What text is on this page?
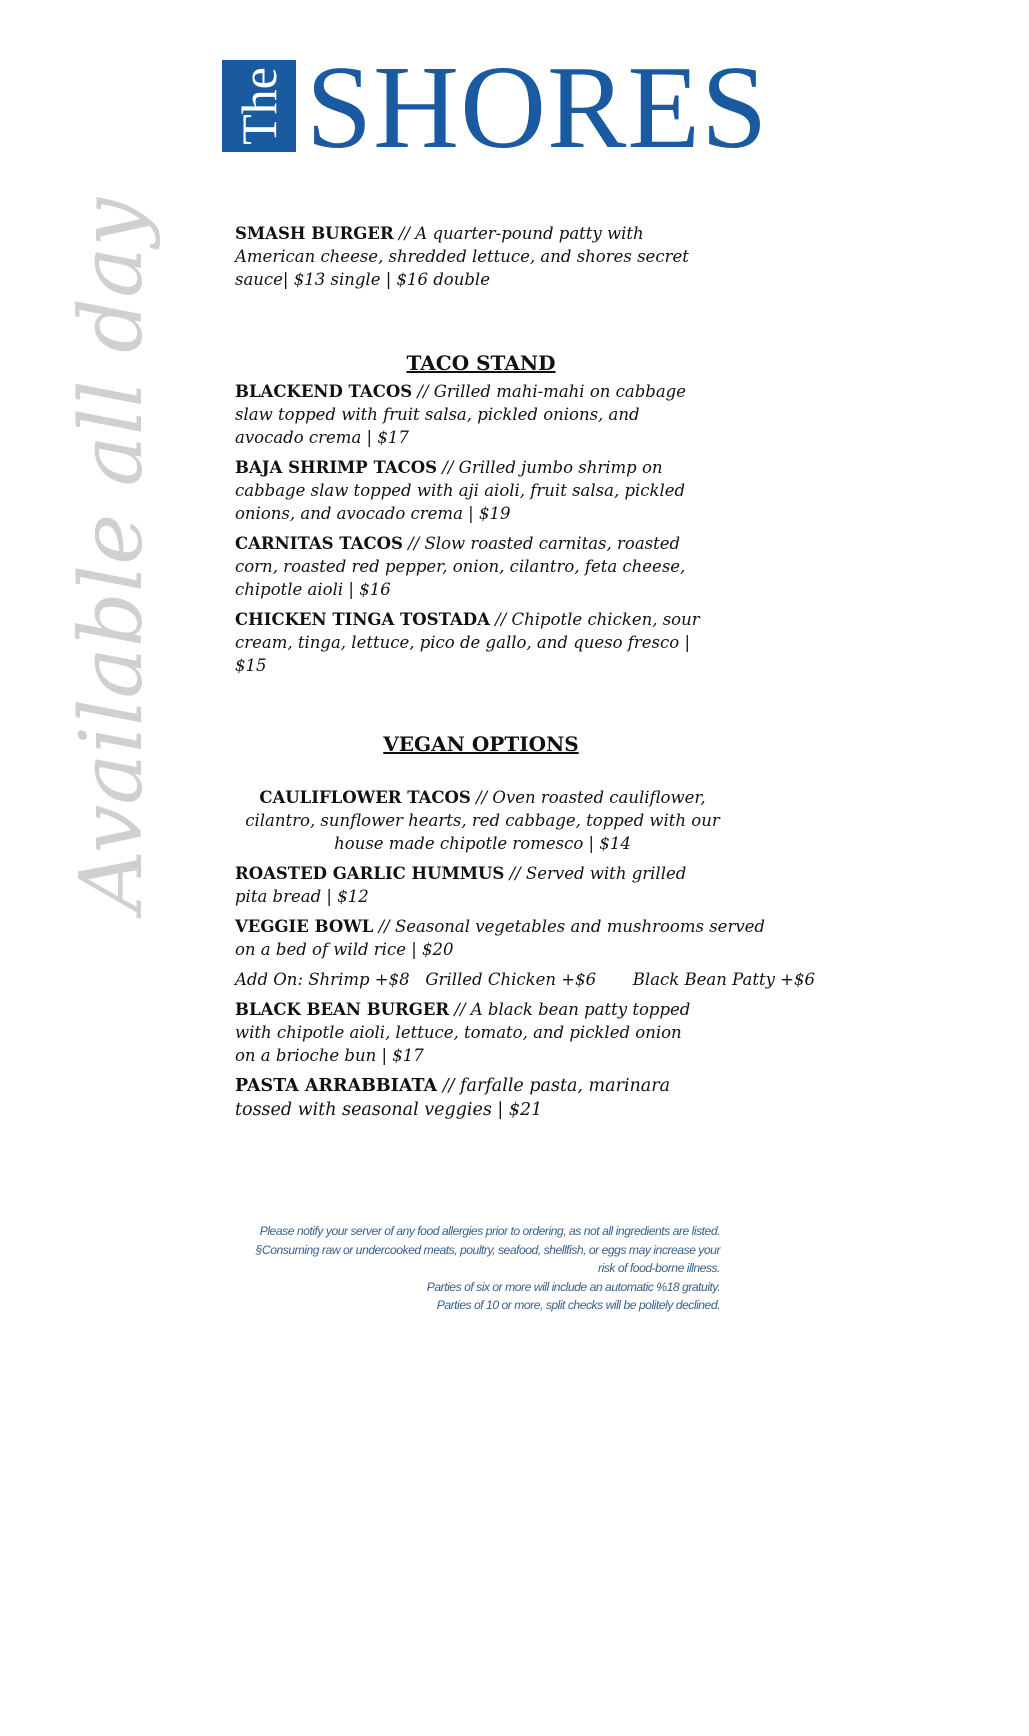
The SHORES
Available all day	SMASH BURGER // A quarter-pound patty with American cheese, shredded lettuce, and shores secret sauce| $13 single | $16 double

TACO STAND

BLACKEND TACOS // Grilled mahi-mahi on cabbage slaw topped with fruit salsa, pickled onions, and avocado crema | $17

BAJA SHRIMP TACOS // Grilled jumbo shrimp on cabbage slaw topped with aji aioli, fruit salsa, pickled onions, and avocado crema | $19

CARNITAS TACOS // Slow roasted carnitas, roasted corn, roasted red pepper, onion, cilantro, feta cheese, chipotle aioli | $16

CHICKEN TINGA TOSTADA // Chipotle chicken, sour cream, tinga, lettuce, pico de gallo, and queso fresco | $15

VEGAN OPTIONS

CAULIFLOWER TACOS // Oven roasted cauliflower, cilantro, sunflower hearts, red cabbage, topped with our house made chipotle romesco | $14

ROASTED GARLIC HUMMUS // Served with grilled pita bread | $12

VEGGIE BOWL // Seasonal vegetables and mushrooms served on a bed of wild rice | $20

Add On: Shrimp +$8 Grilled Chicken +$6 Black Bean Patty +$6

BLACK BEAN BURGER // A black bean patty topped with chipotle aioli, lettuce, tomato, and pickled onion on a brioche bun | $17

PASTA ARRABBIATA // farfalle pasta, marinara tossed with seasonal veggies | $21

Please notify your server of any food allergies prior to ordering, as not all ingredients are listed.

§Consuming raw or undercooked meats, poultry, seafood, shellfish, or eggs may increase your risk of food-borne illness.

Parties of six or more will include an automatic %18 gratuity.

Parties of 10 or more, split checks will be politely declined.
